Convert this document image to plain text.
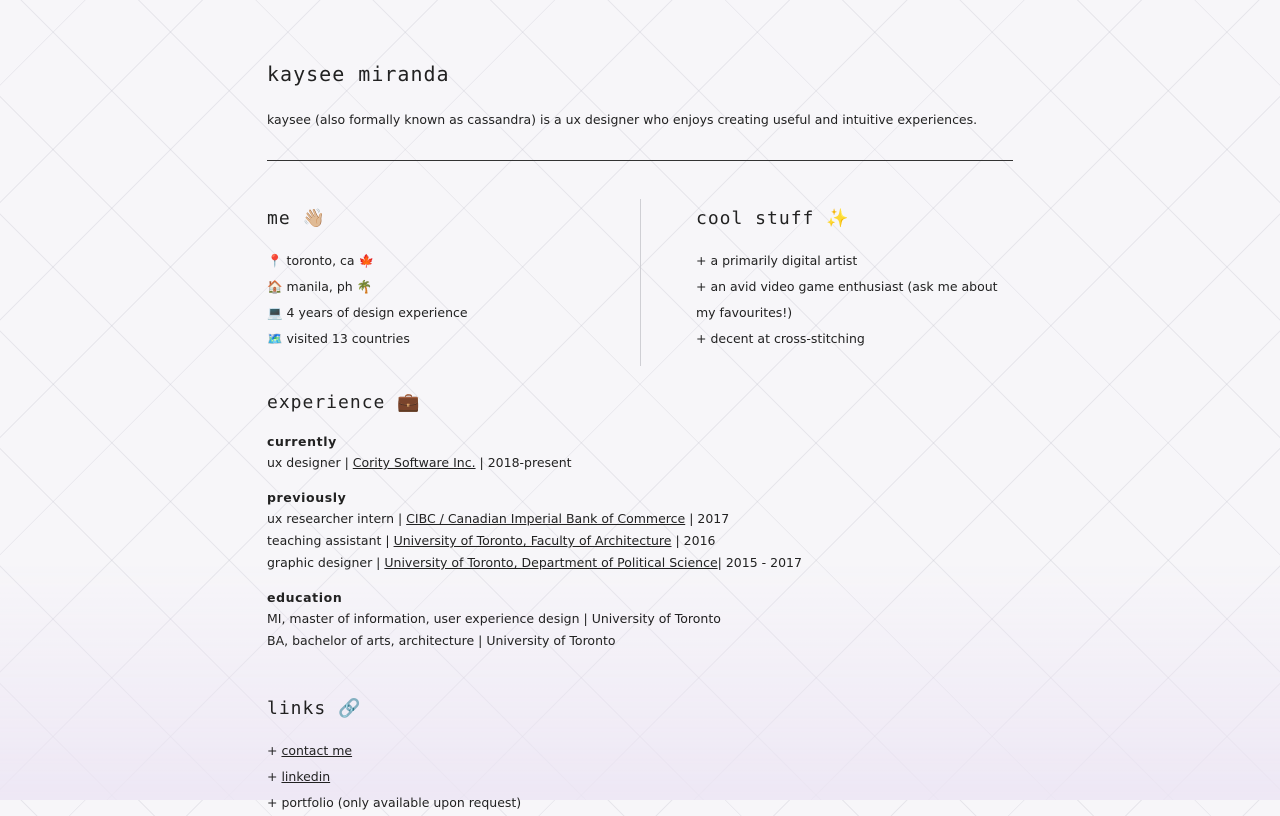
kaysee miranda

kaysee (also formally known as cassandra) is a ux designer who enjoys creating useful and intuitive experiences.

me 👋🏼
📍 toronto, ca 🍁
🏠 manila, ph 🌴
💻 4 years of design experience
🗺️ visited 13 countries
cool stuff ✨
+ a primarily digital artist
+ an avid video game enthusiast (ask me about my favourites!)
+ decent at cross-stitching
experience 💼

currently

ux designer | Cority Software Inc. | 2018-present

previously

ux researcher intern | CIBC / Canadian Imperial Bank of Commerce | 2017

teaching assistant | University of Toronto, Faculty of Architecture | 2016

graphic designer | University of Toronto, Department of Political Science| 2015 - 2017

education

MI, master of information, user experience design | University of Toronto

BA, bachelor of arts, architecture | University of Toronto

links 🔗
+ contact me
+ linkedin
+ portfolio (only available upon request)
